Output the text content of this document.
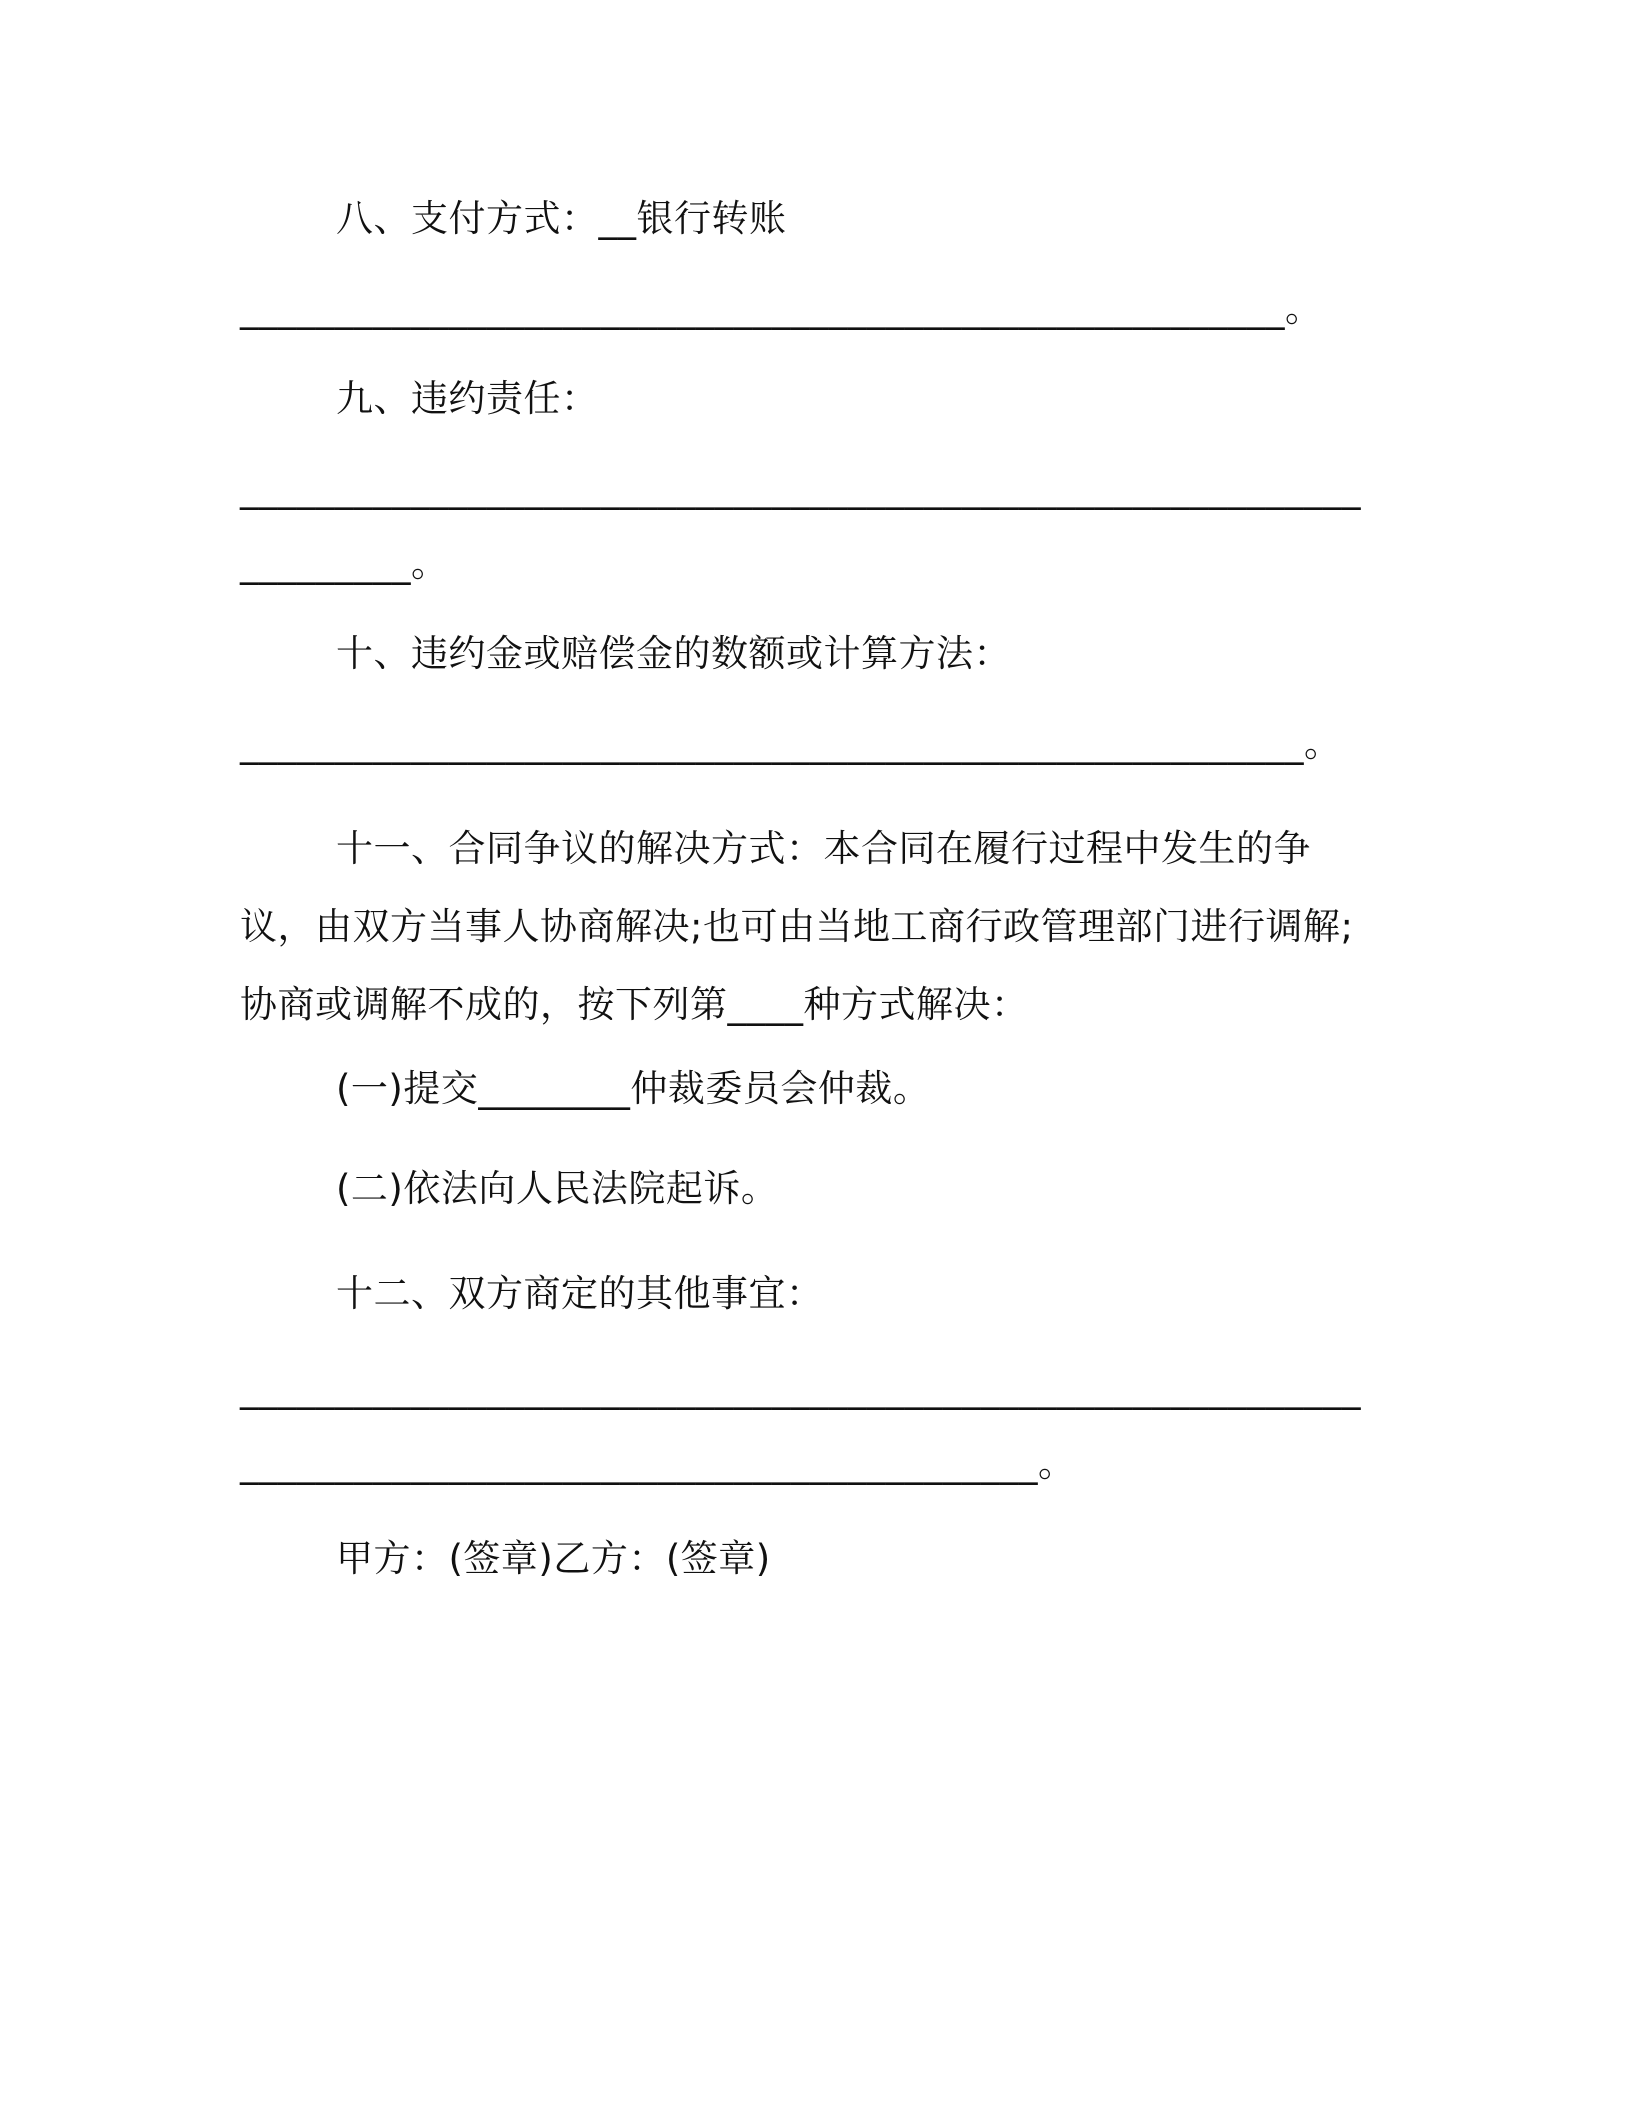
八、支付方式：__银行转账
_______________________________________________________。
九、违约责任：
___________________________________________________________
_________。
十、违约金或赔偿金的数额或计算方法：
________________________________________________________。
十一、合同争议的解决方式：本合同在履行过程中发生的争议，由双方当事人协商解决;也可由当地工商行政管理部门进行调解;协商或调解不成的，按下列第____种方式解决：
(一)提交________仲裁委员会仲裁。
(二)依法向人民法院起诉。
十二、双方商定的其他事宜：
___________________________________________________________
__________________________________________。
甲方：(签章)乙方：(签章)
